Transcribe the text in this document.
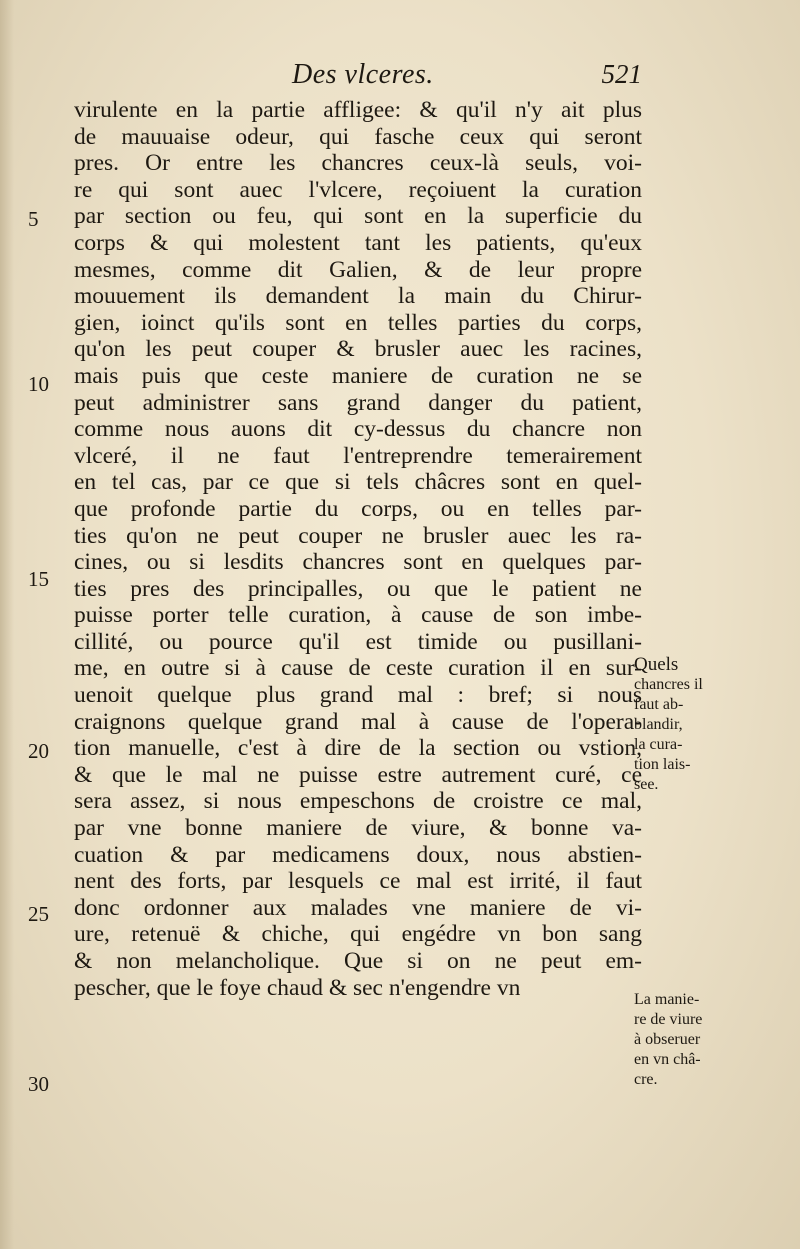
Des vlceres.	521
5
10
15
20
25
30
virulente en la partie affligee: & qu'il n'y ait plus
de mauuaise odeur, qui fasche ceux qui seront
pres. Or entre les chancres ceux-là seuls, voi-
re qui sont auec l'vlcere, reçoiuent la curation
par section ou feu, qui sont en la superficie du
corps & qui molestent tant les patients, qu'eux
mesmes, comme dit Galien, & de leur propre
mouuement ils demandent la main du Chirur-
gien, ioinct qu'ils sont en telles parties du corps,
qu'on les peut couper & brusler auec les racines,
mais puis que ceste maniere de curation ne se
peut administrer sans grand danger du patient,
comme nous auons dit cy-dessus du chancre non
vlceré, il ne faut l'entreprendre temerairement
en tel cas, par ce que si tels châcres sont en quel-
que profonde partie du corps, ou en telles par-
ties qu'on ne peut couper ne brusler auec les ra-
cines, ou si lesdits chancres sont en quelques par-
ties pres des principalles, ou que le patient ne
puisse porter telle curation, à cause de son imbe-
cillité, ou pource qu'il est timide ou pusillani-
me, en outre si à cause de ceste curation il en sur-
uenoit quelque plus grand mal : bref; si nous
craignons quelque grand mal à cause de l'opera-
tion manuelle, c'est à dire de la section ou vstion,
& que le mal ne puisse estre autrement curé, ce
sera assez, si nous empeschons de croistre ce mal,
par vne bonne maniere de viure, & bonne va-
cuation & par medicamens doux, nous abstien-
nent des forts, par lesquels ce mal est irrité, il faut
donc ordonner aux malades vne maniere de vi-
ure, retenuë & chiche, qui engédre vn bon sang
& non melancholique. Que si on ne peut em-
pescher, que le foye chaud & sec n'engendre vn
Quels
chancres il
faut ab-
blandir,
la cura-
tion lais-
see.
La manie-
re de viure
à obseruer
en vn châ-
cre.
